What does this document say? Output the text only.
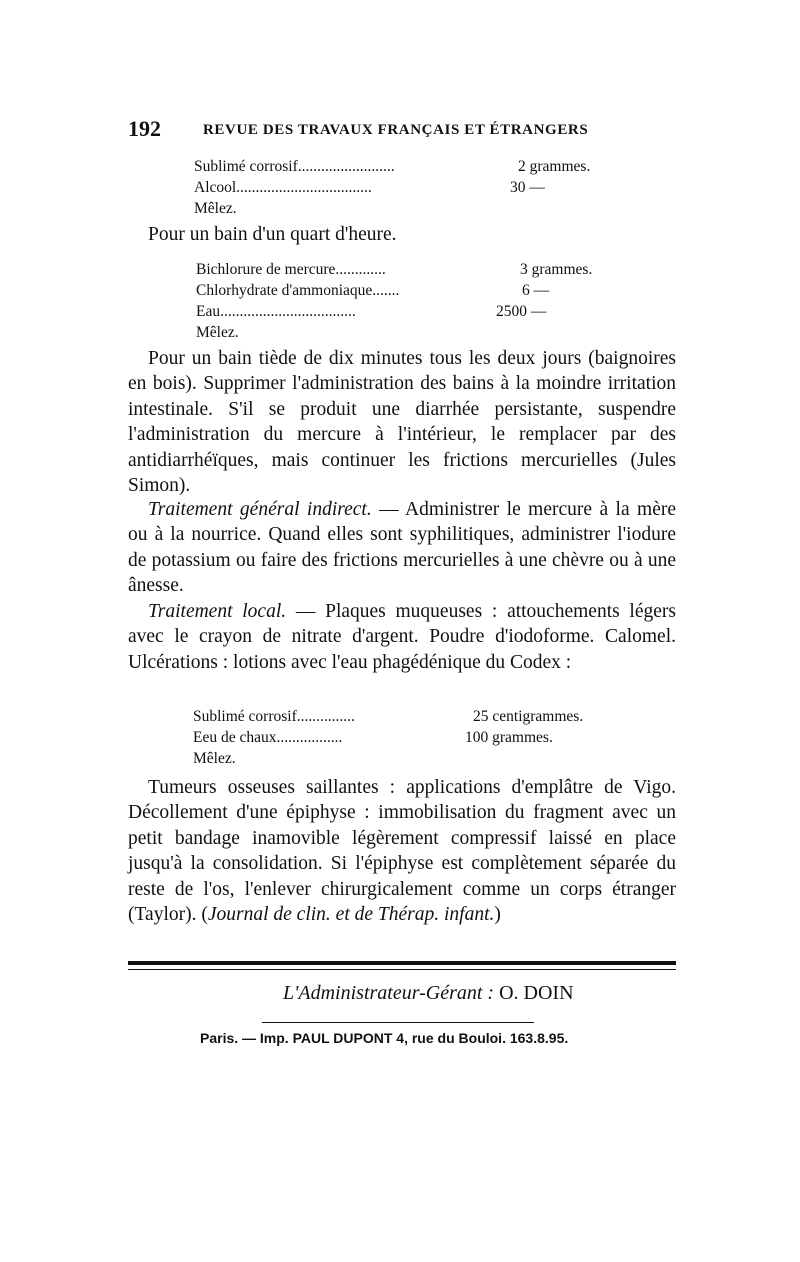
192	REVUE DES TRAVAUX FRANÇAIS ET ÉTRANGERS
Sublimé corrosif.........................	2 grammes.
Alcool...................................	30 —
Mêlez.

Pour un bain d'un quart d'heure.

Bichlorure de mercure.............	3 grammes.
Chlorhydrate d'ammoniaque.......	6 —
Eau...................................	2500 —
Mêlez.

Pour un bain tiède de dix minutes tous les deux jours (baignoires en bois). Supprimer l'administration des bains à la moindre irritation intestinale. S'il se produit une diarrhée persistante, suspendre l'administration du mercure à l'intérieur, le remplacer par des antidiarrhéïques, mais continuer les frictions mercurielles (Jules Simon).

Traitement général indirect. — Administrer le mercure à la mère ou à la nourrice. Quand elles sont syphilitiques, administrer l'iodure de potassium ou faire des frictions mercurielles à une chèvre ou à une ânesse.

Traitement local. — Plaques muqueuses : attouchements légers avec le crayon de nitrate d'argent. Poudre d'iodoforme. Calomel. Ulcérations : lotions avec l'eau phagédénique du Codex :

Sublimé corrosif...............	25 centigrammes.
Eeu de chaux.................	100 grammes.
Mêlez.

Tumeurs osseuses saillantes : applications d'emplâtre de Vigo. Décollement d'une épiphyse : immobilisation du fragment avec un petit bandage inamovible légèrement compressif laissé en place jusqu'à la consolidation. Si l'épiphyse est complètement séparée du reste de l'os, l'enlever chirurgicalement comme un corps étranger (Taylor). (Journal de clin. et de Thérap. infant.)

L'Administrateur-Gérant : O. DOIN
Paris. — Imp. PAUL DUPONT 4, rue du Bouloi. 163.8.95.
